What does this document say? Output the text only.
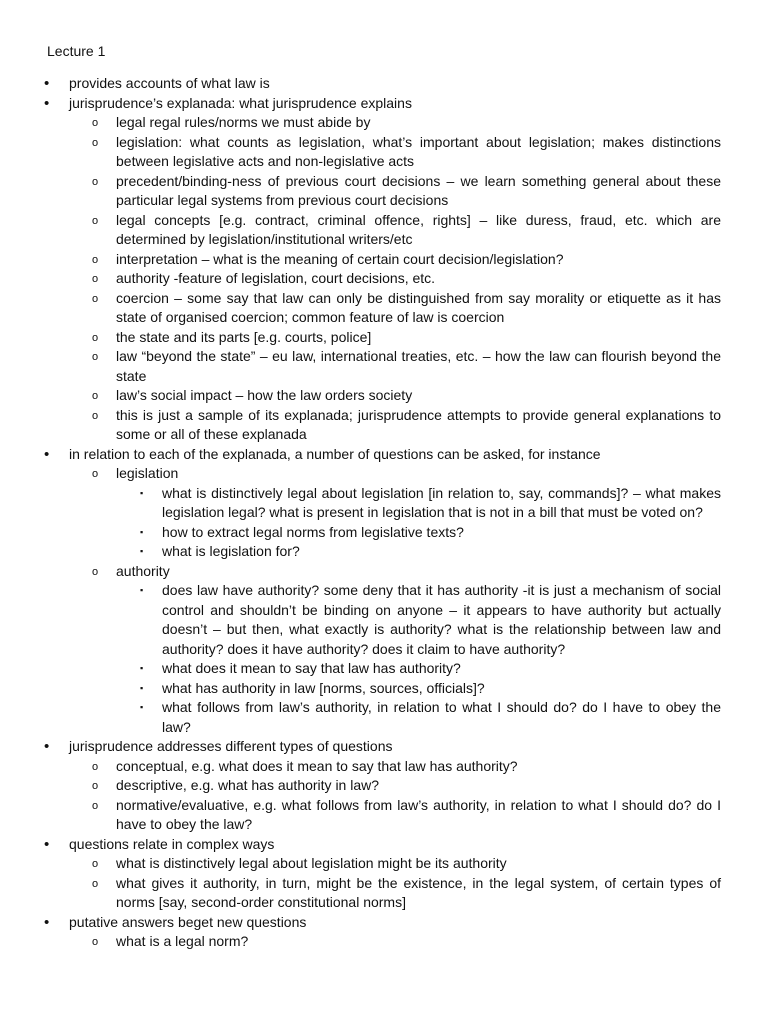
Lecture 1

•	provides accounts of what law is
•	jurisprudence’s explanada: what jurisprudence explains
o	legal regal rules/norms we must abide by
o	legislation: what counts as legislation, what’s important about legislation; makes distinctions between legislative acts and non-legislative acts
o	precedent/binding-ness of previous court decisions – we learn something general about these particular legal systems from previous court decisions
o	legal concepts [e.g. contract, criminal offence, rights] – like duress, fraud, etc. which are determined by legislation/institutional writers/etc
o	interpretation – what is the meaning of certain court decision/legislation?
o	authority -feature of legislation, court decisions, etc.
o	coercion – some say that law can only be distinguished from say morality or etiquette as it has state of organised coercion; common feature of law is coercion
o	the state and its parts [e.g. courts, police]
o	law “beyond the state” – eu law, international treaties, etc. – how the law can flourish beyond the state
o	law’s social impact – how the law orders society
o	this is just a sample of its explanada; jurisprudence attempts to provide general explanations to some or all of these explanada
•	in relation to each of the explanada, a number of questions can be asked, for instance
o	legislation
▪	what is distinctively legal about legislation [in relation to, say, commands]? – what makes legislation legal? what is present in legislation that is not in a bill that must be voted on?
▪	how to extract legal norms from legislative texts?
▪	what is legislation for?
o	authority
▪	does law have authority? some deny that it has authority -it is just a mechanism of social control and shouldn’t be binding on anyone – it appears to have authority but actually doesn’t – but then, what exactly is authority? what is the relationship between law and authority? does it have authority? does it claim to have authority?
▪	what does it mean to say that law has authority?
▪	what has authority in law [norms, sources, officials]?
▪	what follows from law’s authority, in relation to what I should do? do I have to obey the law?
•	jurisprudence addresses different types of questions
o	conceptual, e.g. what does it mean to say that law has authority?
o	descriptive, e.g. what has authority in law?
o	normative/evaluative, e.g. what follows from law’s authority, in relation to what I should do? do I have to obey the law?
•	questions relate in complex ways
o	what is distinctively legal about legislation might be its authority
o	what gives it authority, in turn, might be the existence, in the legal system, of certain types of norms [say, second-order constitutional norms]
•	putative answers beget new questions
o	what is a legal norm?
